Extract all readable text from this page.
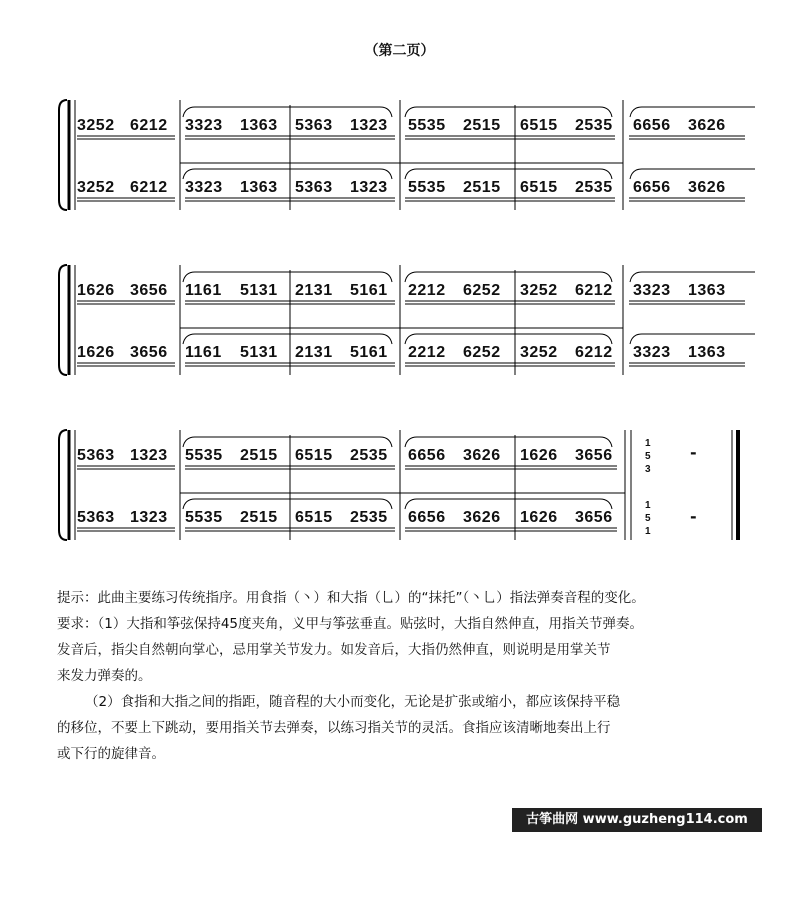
（第二页）
3252 6212 3323 1363 5363 1323 5535 2515 6515 2535 6656 3626
3252 6212 3323 1363 5363 1323 5535 2515 6515 2535 6656 3626
1626 3656 1161 5131 2131 5161 2212 6252 3252 6212 3323 1363
1626 3656 1161 5131 2131 5161 2212 6252 3252 6212 3323 1363
5363 1323 5535 2515 6515 2535 6656 3626 1626 3656
5363 1323 5535 2515 6515 2535 6656 3626 1626 3656
1
5
3
1
5
1
-
-

提示：此曲主要练习传统指序。用食指（丶）和大指（乚）的“抹托”（丶乚）指法弹奏音程的变化。

要求：（1）大指和筝弦保持45度夹角，义甲与筝弦垂直。贴弦时，大指自然伸直，用指关节弹奏。

发音后，指尖自然朝向掌心，忌用掌关节发力。如发音后，大指仍然伸直，则说明是用掌关节

来发力弹奏的。

（2）食指和大指之间的指距，随音程的大小而变化，无论是扩张或缩小，都应该保持平稳

的移位，不要上下跳动，要用指关节去弹奏，以练习指关节的灵活。食指应该清晰地奏出上行

或下行的旋律音。

古筝曲网 www.guzheng114.com
